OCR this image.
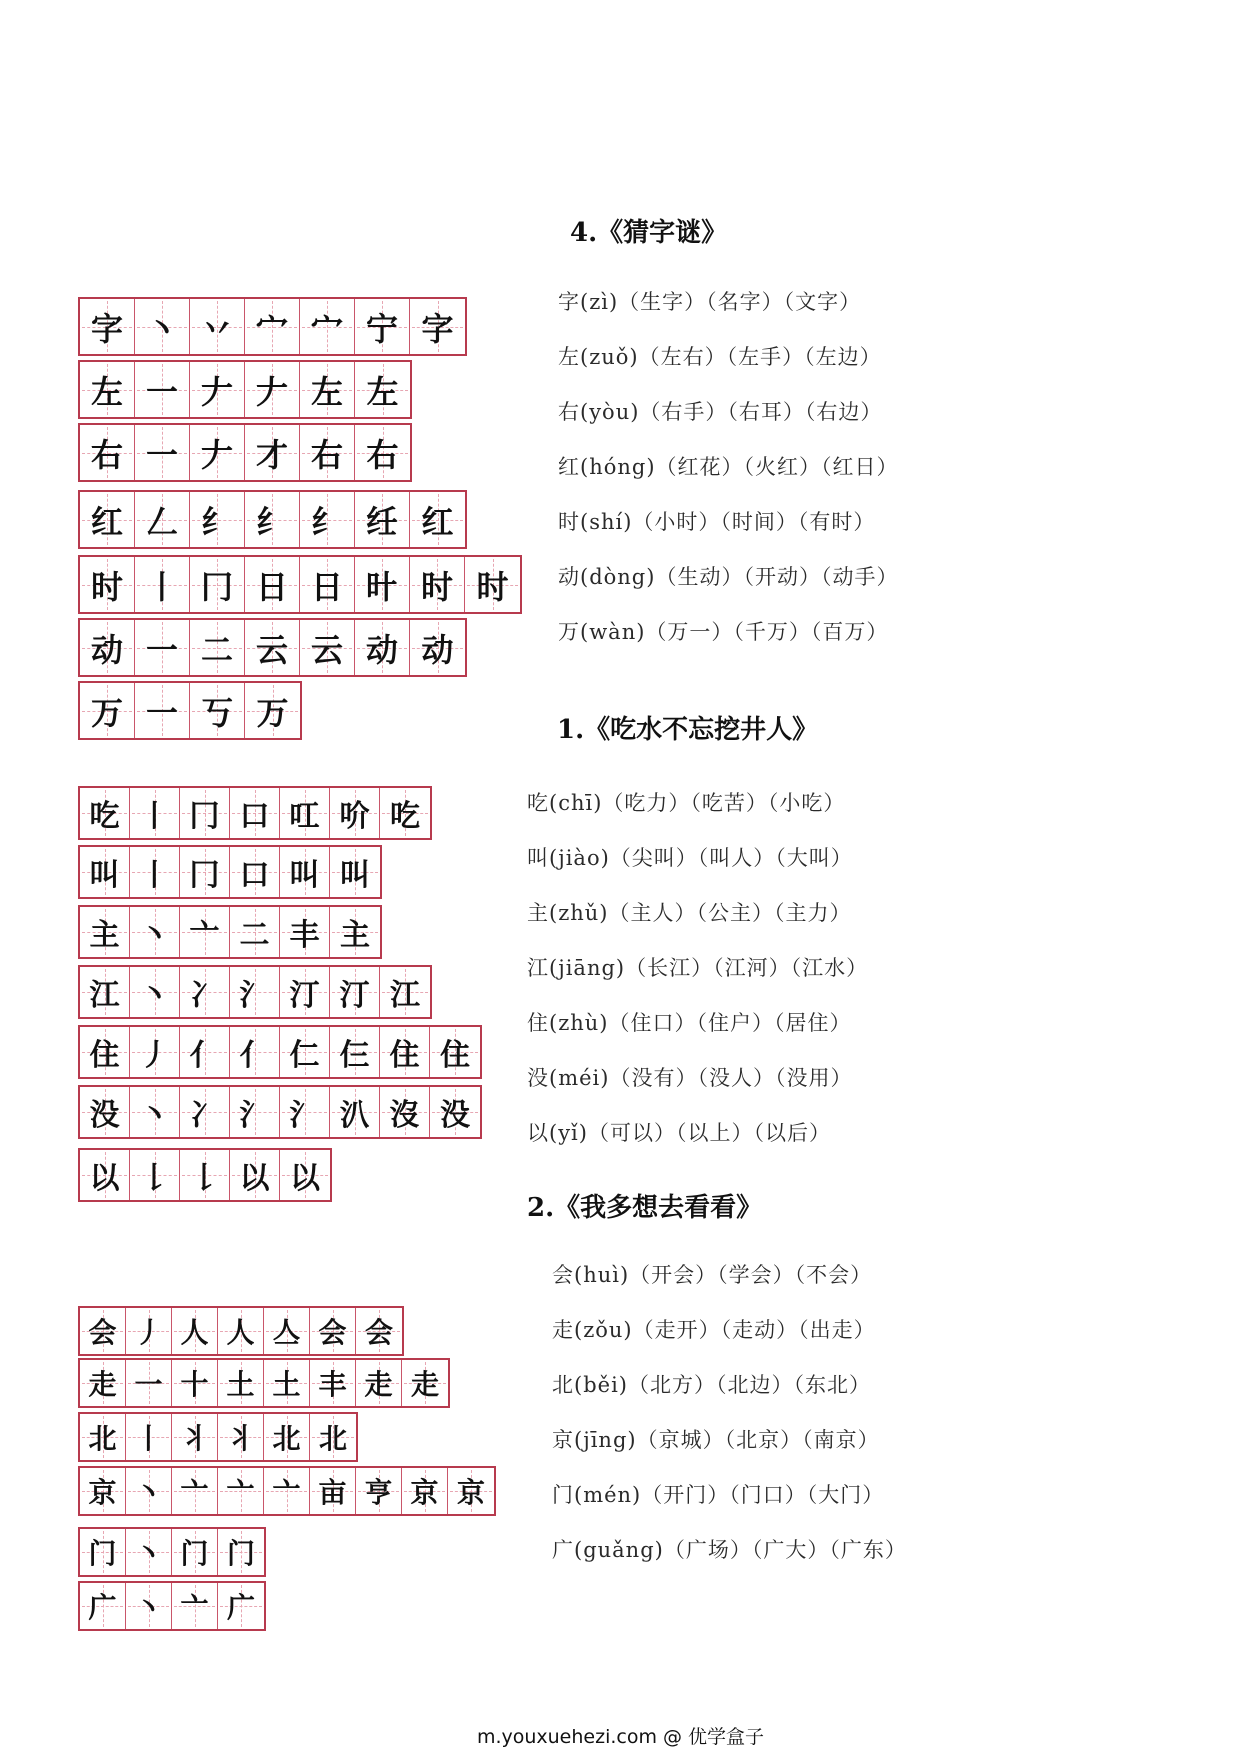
4.《猜字谜》
字(zì)（生字）（名字）（文字）
左(zuǒ)（左右）（左手）（左边）
右(yòu)（右手）（右耳）（右边）
红(hóng)（红花）（火红）（红日）
时(shí)（小时）（时间）（有时）
动(dòng)（生动）（开动）（动手）
万(wàn)（万一）（千万）（百万）
1.《吃水不忘挖井人》
吃(chī)（吃力）（吃苦）（小吃）
叫(jiào)（尖叫）（叫人）（大叫）
主(zhǔ)（主人）（公主）（主力）
江(jiāng)（长江）（江河）（江水）
住(zhù)（住口）（住户）（居住）
没(méi)（没有）（没人）（没用）
以(yǐ)（可以）（以上）（以后）
2.《我多想去看看》
会(huì)（开会）（学会）（不会）
走(zǒu)（走开）（走动）（出走）
北(běi)（北方）（北边）（东北）
京(jīng)（京城）（北京）（南京）
门(mén)（开门）（门口）（大门）
广(guǎng)（广场）（广大）（广东）
字 丶 丷 宀 宀 宁 字
左 一 𠂇 𠂇 左 左
右 一 𠂇 才 右 右
红 𠃋 纟 纟 纟 纴 红
时 丨 冂 日 日 旪 时 时
动 一 二 云 云 动 动
万 一 丂 万
吃 丨 冂 口 叿 吤 吃
叫 丨 冂 口 叫 叫
主 丶 亠 二 丰 主
江 丶 冫 氵 汀 汀 江
住 丿 亻 亻 仁 仨 住 住
没 丶 冫 氵 氵 汃 沒 没
以 𠄌 𠄌 以 以
会 丿 人 人 亼 会 会
走 一 十 土 土 丰 走 走
北 丨 丬 丬 北 北
京 丶 亠 亠 亠 亩 亨 京 京
门 丶 门 门
广 丶 亠 广
m.youxuehezi.com @ 优学盒子
